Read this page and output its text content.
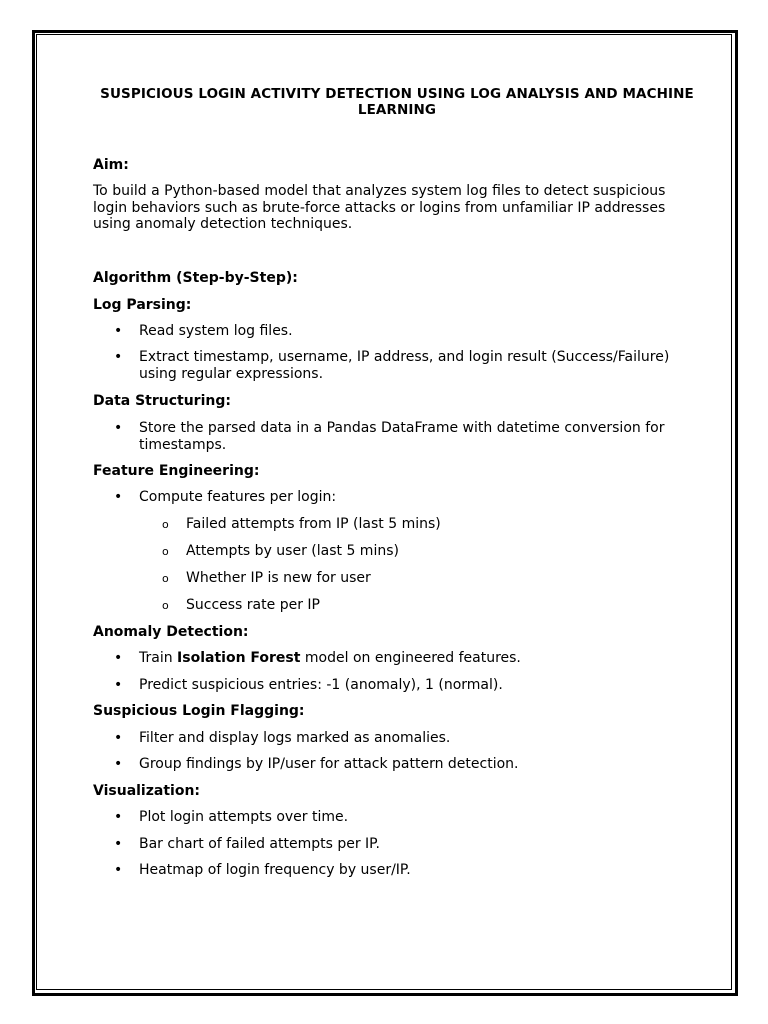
SUSPICIOUS LOGIN ACTIVITY DETECTION USING LOG ANALYSIS AND MACHINE LEARNING
Aim:
To build a Python-based model that analyzes system log files to detect suspicious login behaviors such as brute-force attacks or logins from unfamiliar IP addresses using anomaly detection techniques.
Algorithm (Step-by-Step):
Log Parsing:
• Read system log files.
• Extract timestamp, username, IP address, and login result (Success/Failure) using regular expressions.
Data Structuring:
• Store the parsed data in a Pandas DataFrame with datetime conversion for timestamps.
Feature Engineering:
• Compute features per login:
o Failed attempts from IP (last 5 mins)
o Attempts by user (last 5 mins)
o Whether IP is new for user
o Success rate per IP
Anomaly Detection:
• Train Isolation Forest model on engineered features.
• Predict suspicious entries: -1 (anomaly), 1 (normal).
Suspicious Login Flagging:
• Filter and display logs marked as anomalies.
• Group findings by IP/user for attack pattern detection.
Visualization:
• Plot login attempts over time.
• Bar chart of failed attempts per IP.
• Heatmap of login frequency by user/IP.
